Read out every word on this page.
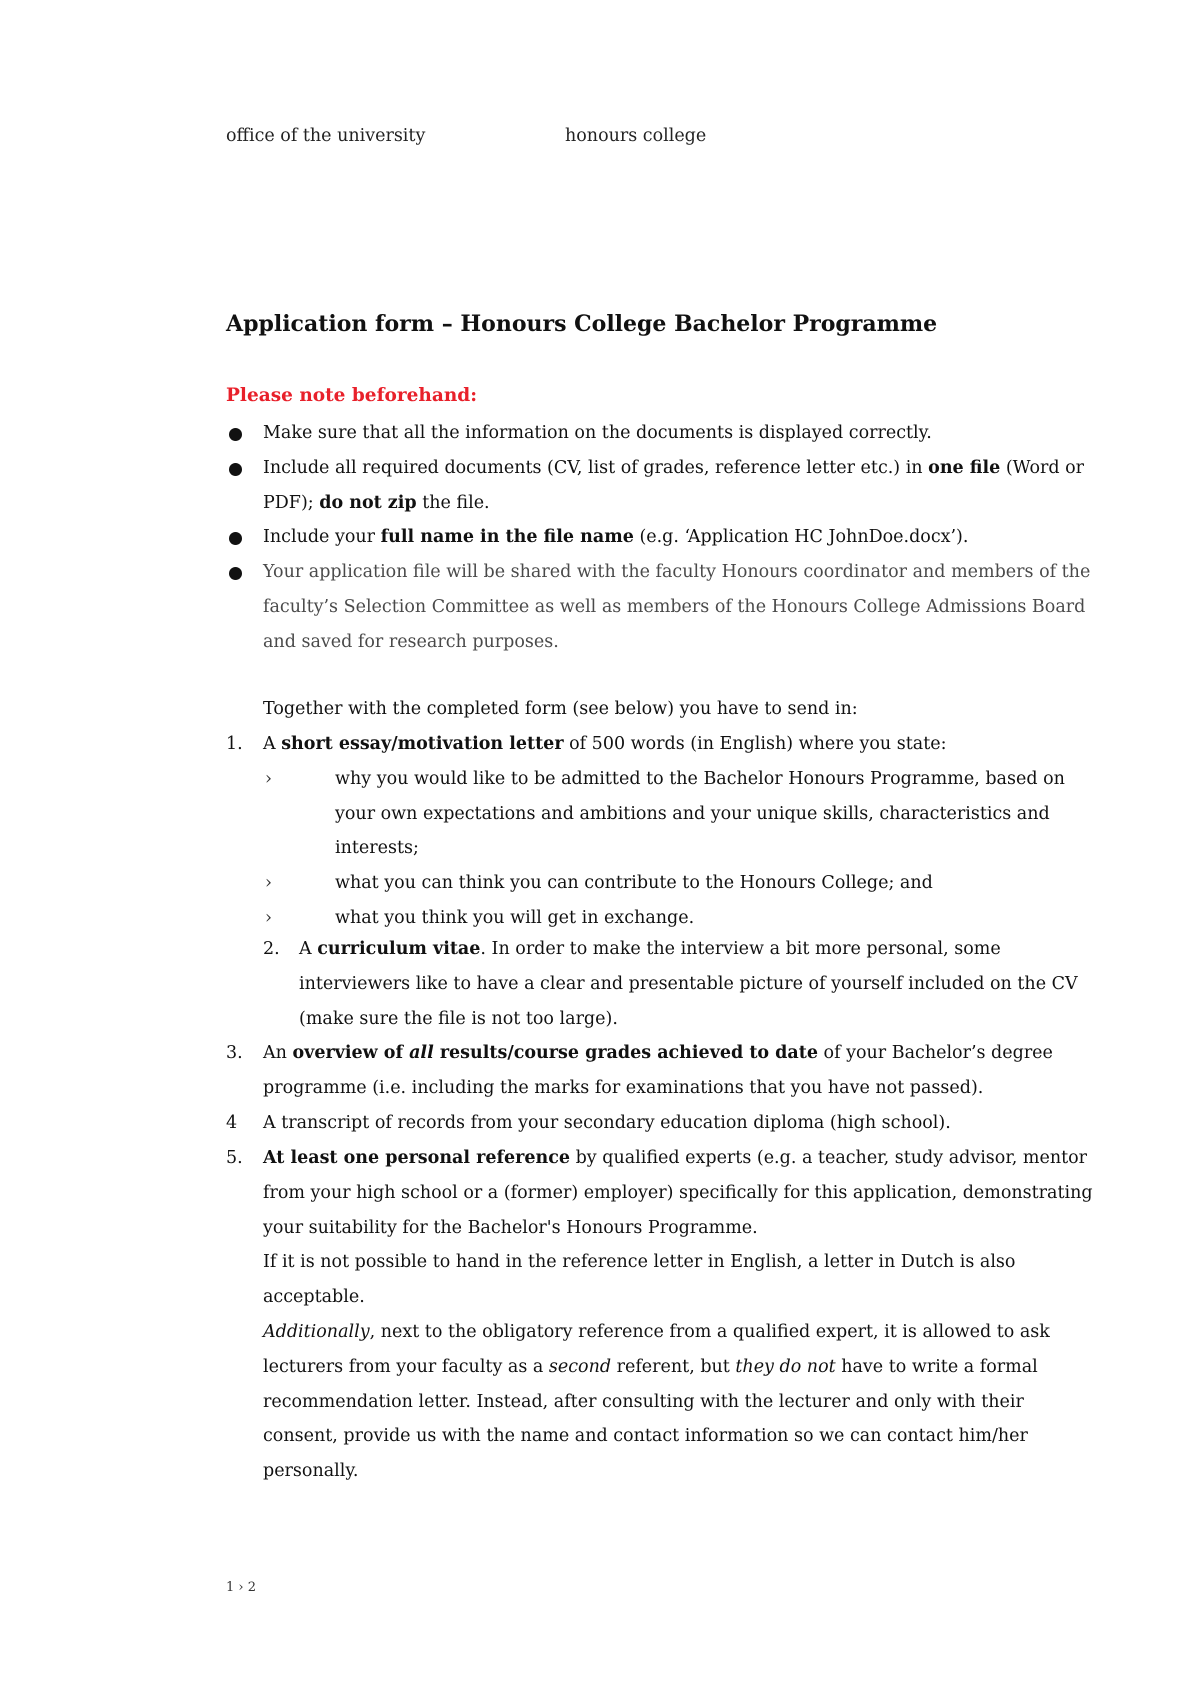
office of the university	honours college
Application form – Honours College Bachelor Programme
Please note beforehand:
Make sure that all the information on the documents is displayed correctly.
Include all required documents (CV, list of grades, reference letter etc.) in one file (Word or PDF); do not zip the file.
Include your full name in the file name (e.g. ‘Application HC JohnDoe.docx’).
Your application file will be shared with the faculty Honours coordinator and members of the faculty’s Selection Committee as well as members of the Honours College Admissions Board and saved for research purposes.
Together with the completed form (see below) you have to send in:
1. A short essay/motivation letter of 500 words (in English) where you state:
›	why you would like to be admitted to the Bachelor Honours Programme, based on your own expectations and ambitions and your unique skills, characteristics and interests;
›	what you can think you can contribute to the Honours College; and
›	what you think you will get in exchange.
2. A curriculum vitae. In order to make the interview a bit more personal, some interviewers like to have a clear and presentable picture of yourself included on the CV (make sure the file is not too large).
3. An overview of all results/course grades achieved to date of your Bachelor’s degree programme (i.e. including the marks for examinations that you have not passed).
4 A transcript of records from your secondary education diploma (high school).
5. At least one personal reference by qualified experts (e.g. a teacher, study advisor, mentor from your high school or a (former) employer) specifically for this application, demonstrating your suitability for the Bachelor's Honours Programme.
If it is not possible to hand in the reference letter in English, a letter in Dutch is also acceptable.
Additionally, next to the obligatory reference from a qualified expert, it is allowed to ask lecturers from your faculty as a second referent, but they do not have to write a formal recommendation letter. Instead, after consulting with the lecturer and only with their consent, provide us with the name and contact information so we can contact him/her personally.
1 › 2
